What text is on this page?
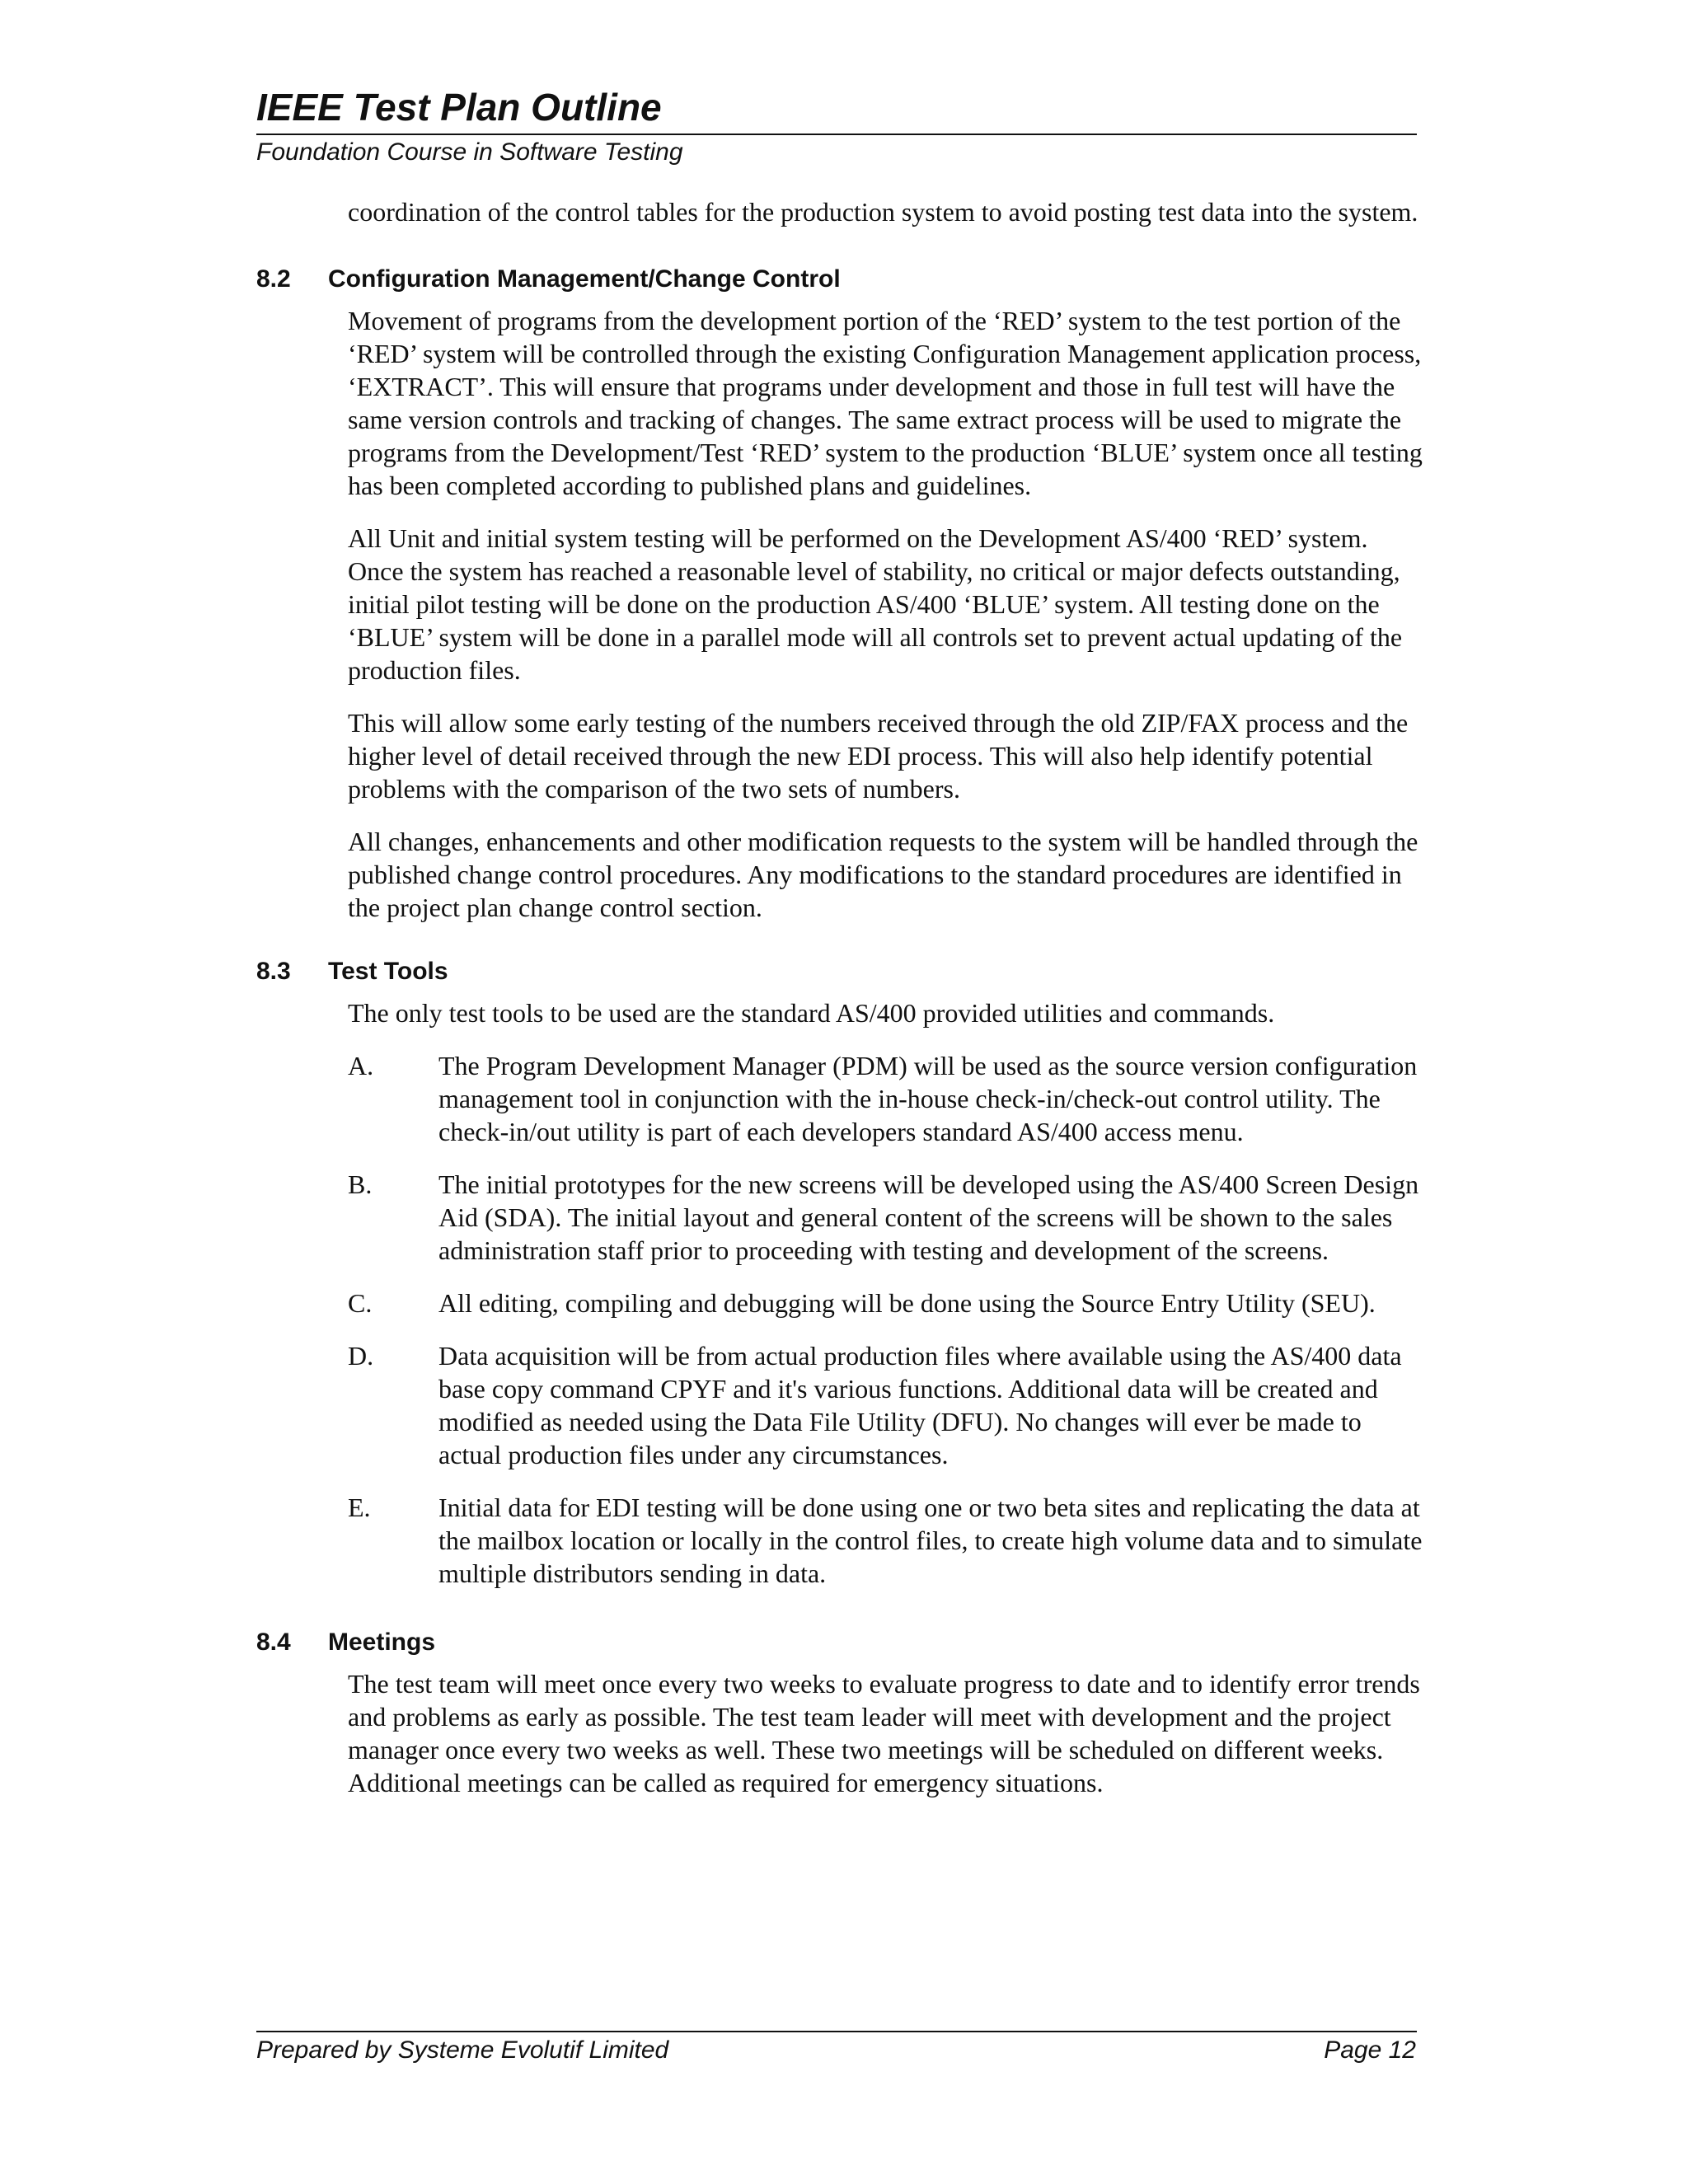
IEEE Test Plan Outline
Foundation Course in Software Testing
coordination of the control tables for the production system to avoid posting test data into the system.
8.2	Configuration Management/Change Control

Movement of programs from the development portion of the ‘RED’ system to the test portion of the ‘RED’ system will be controlled through the existing Configuration Management application process, ‘EXTRACT’. This will ensure that programs under development and those in full test will have the same version controls and tracking of changes. The same extract process will be used to migrate the programs from the Development/Test ‘RED’ system to the production ‘BLUE’ system once all testing has been completed according to published plans and guidelines.

All Unit and initial system testing will be performed on the Development AS/400 ‘RED’ system. Once the system has reached a reasonable level of stability, no critical or major defects outstanding, initial pilot testing will be done on the production AS/400 ‘BLUE’ system. All testing done on the ‘BLUE’ system will be done in a parallel mode will all controls set to prevent actual updating of the production files.

This will allow some early testing of the numbers received through the old ZIP/FAX process and the higher level of detail received through the new EDI process. This will also help identify potential problems with the comparison of the two sets of numbers.

All changes, enhancements and other modification requests to the system will be handled through the published change control procedures. Any modifications to the standard procedures are identified in the project plan change control section.

8.3	Test Tools

The only test tools to be used are the standard AS/400 provided utilities and commands.

A.	The Program Development Manager (PDM) will be used as the source version configuration management tool in conjunction with the in-house check-in/check-out control utility. The check-in/out utility is part of each developers standard AS/400 access menu.
B.	The initial prototypes for the new screens will be developed using the AS/400 Screen Design Aid (SDA). The initial layout and general content of the screens will be shown to the sales administration staff prior to proceeding with testing and development of the screens.
C.	All editing, compiling and debugging will be done using the Source Entry Utility (SEU).
D.	Data acquisition will be from actual production files where available using the AS/400 data base copy command CPYF and it's various functions. Additional data will be created and modified as needed using the Data File Utility (DFU). No changes will ever be made to actual production files under any circumstances.
E.	Initial data for EDI testing will be done using one or two beta sites and replicating the data at the mailbox location or locally in the control files, to create high volume data and to simulate multiple distributors sending in data.
8.4	Meetings

The test team will meet once every two weeks to evaluate progress to date and to identify error trends and problems as early as possible. The test team leader will meet with development and the project manager once every two weeks as well. These two meetings will be scheduled on different weeks. Additional meetings can be called as required for emergency situations.

Prepared by Systeme Evolutif Limited	Page 12
